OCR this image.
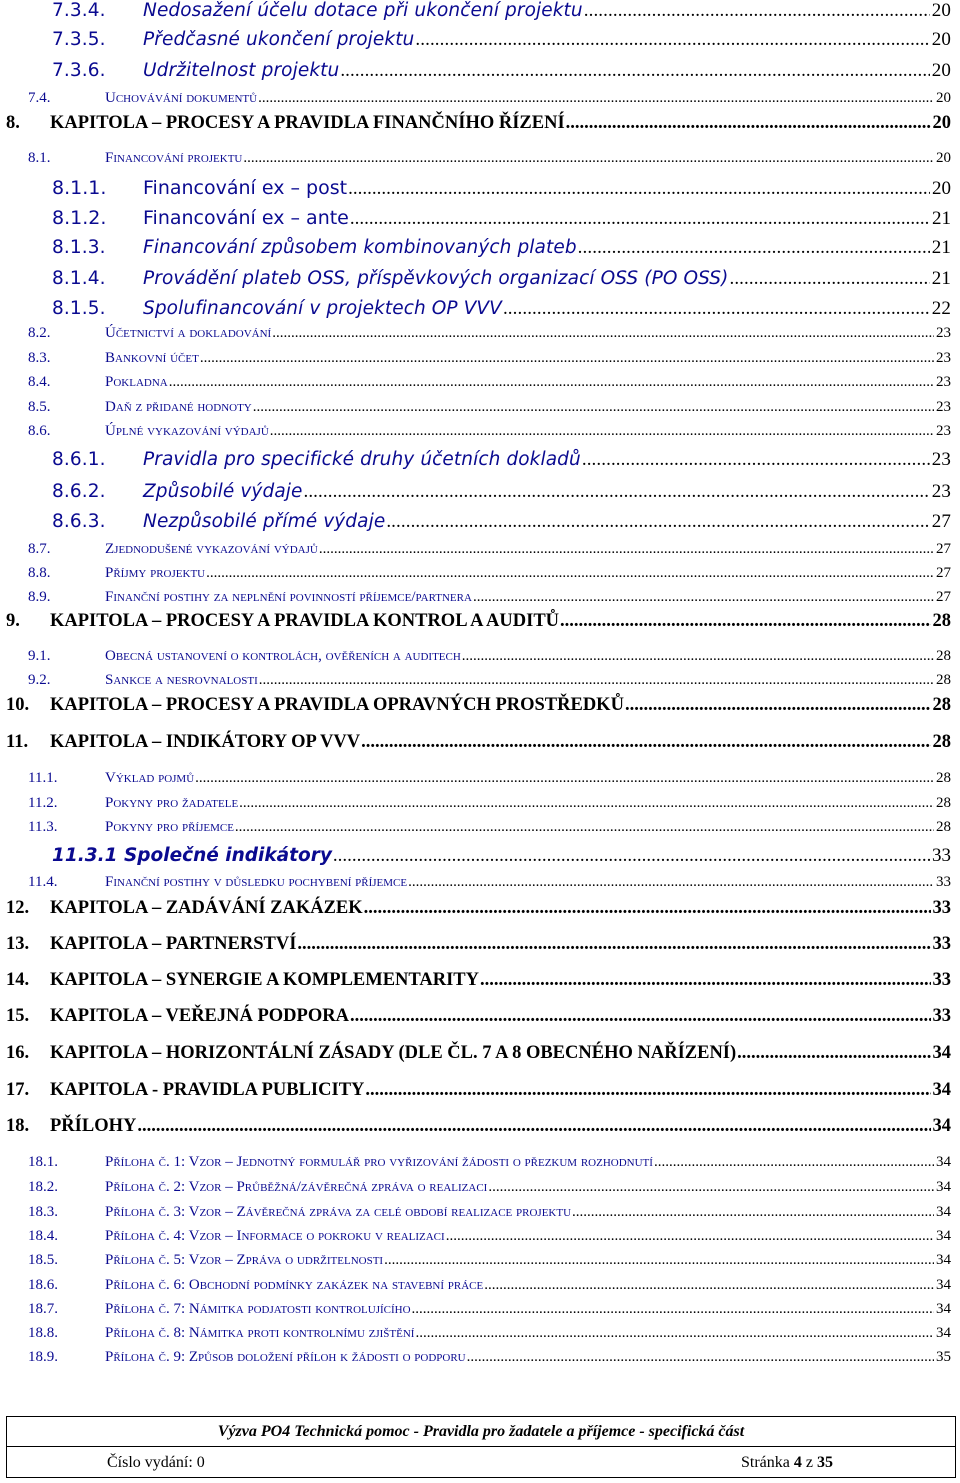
7.3.4. Nedosažení účelu dotace při ukončení projektu .....	20
7.3.5. Předčasné ukončení projektu .....	20
7.3.6. Udržitelnost projektu .....	20
7.4.	Uchovávání dokumentů .....	20
8. KAPITOLA – PROCESY A PRAVIDLA FINANČNÍHO ŘÍZENÍ .....	20
8.1.	Financování projektu .....	20
8.1.1. Financování ex – post .....	20
8.1.2. Financování ex – ante .....	21
8.1.3. Financování způsobem kombinovaných plateb .....	21
8.1.4. Provádění plateb OSS, příspěvkových organizací OSS (PO OSS) .....	21
8.1.5. Spolufinancování v projektech OP VVV .....	22
8.2.	Účetnictví a dokladování .....	23
8.3.	Bankovní účet .....	23
8.4.	Pokladna .....	23
8.5.	Daň z přidané hodnoty .....	23
8.6.	Úplné vykazování výdajů .....	23
8.6.1. Pravidla pro specifické druhy účetních dokladů .....	23
8.6.2. Způsobilé výdaje .....	23
8.6.3. Nezpůsobilé přímé výdaje .....	27
8.7.	Zjednodušené vykazování výdajů .....	27
8.8.	Příjmy projektu .....	27
8.9.	Finanční postihy za neplnění povinností příjemce/partnera .....	27
9. KAPITOLA – PROCESY A PRAVIDLA KONTROL A AUDITŮ .....	28
9.1.	Obecná ustanovení o kontrolách, ověřeních a auditech .....	28
9.2.	Sankce a nesrovnalosti .....	28
10. KAPITOLA – PROCESY A PRAVIDLA OPRAVNÝCH PROSTŘEDKŮ .....	28
11. KAPITOLA – INDIKÁTORY OP VVV .....	28
11.1.	Výklad pojmů .....	28
11.2.	Pokyny pro žadatele .....	28
11.3.	Pokyny pro příjemce .....	28
11.3.1 Společné indikátory .....	33
11.4.	Finanční postihy v důsledku pochybení příjemce .....	33
12. KAPITOLA – ZADÁVÁNÍ ZAKÁZEK .....	33
13. KAPITOLA – PARTNERSTVÍ .....	33
14. KAPITOLA – SYNERGIE A KOMPLEMENTARITY .....	33
15. KAPITOLA – VEŘEJNÁ PODPORA .....	33
16. KAPITOLA – HORIZONTÁLNÍ ZÁSADY (DLE ČL. 7 A 8 OBECNÉHO NAŘÍZENÍ) .....	34
17. KAPITOLA - PRAVIDLA PUBLICITY .....	34
18. PŘÍLOHY .....	34
18.1.	Příloha č. 1: Vzor – Jednotný formulář pro vyřizování žádosti o přezkum rozhodnutí .....	34
18.2.	Příloha č. 2: Vzor – Průběžná/závěrečná zpráva o realizaci .....	34
18.3.	Příloha č. 3: Vzor – Závěrečná zpráva za celé období realizace projektu .....	34
18.4.	Příloha č. 4: Vzor – Informace o pokroku v realizaci .....	34
18.5.	Příloha č. 5: Vzor – Zpráva o udržitelnosti .....	34
18.6.	Příloha č. 6: Obchodní podmínky zakázek na stavební práce .....	34
18.7.	Příloha č. 7: Námitka podjatosti kontrolujícího .....	34
18.8.	Příloha č. 8: Námitka proti kontrolnímu zjištění .....	34
18.9.	Příloha č. 9: Způsob doložení příloh k žádosti o podporu .....	35
Výzva PO4 Technická pomoc - Pravidla pro žadatele a příjemce - specifická část
Číslo vydání: 0	Stránka 4 z 35
